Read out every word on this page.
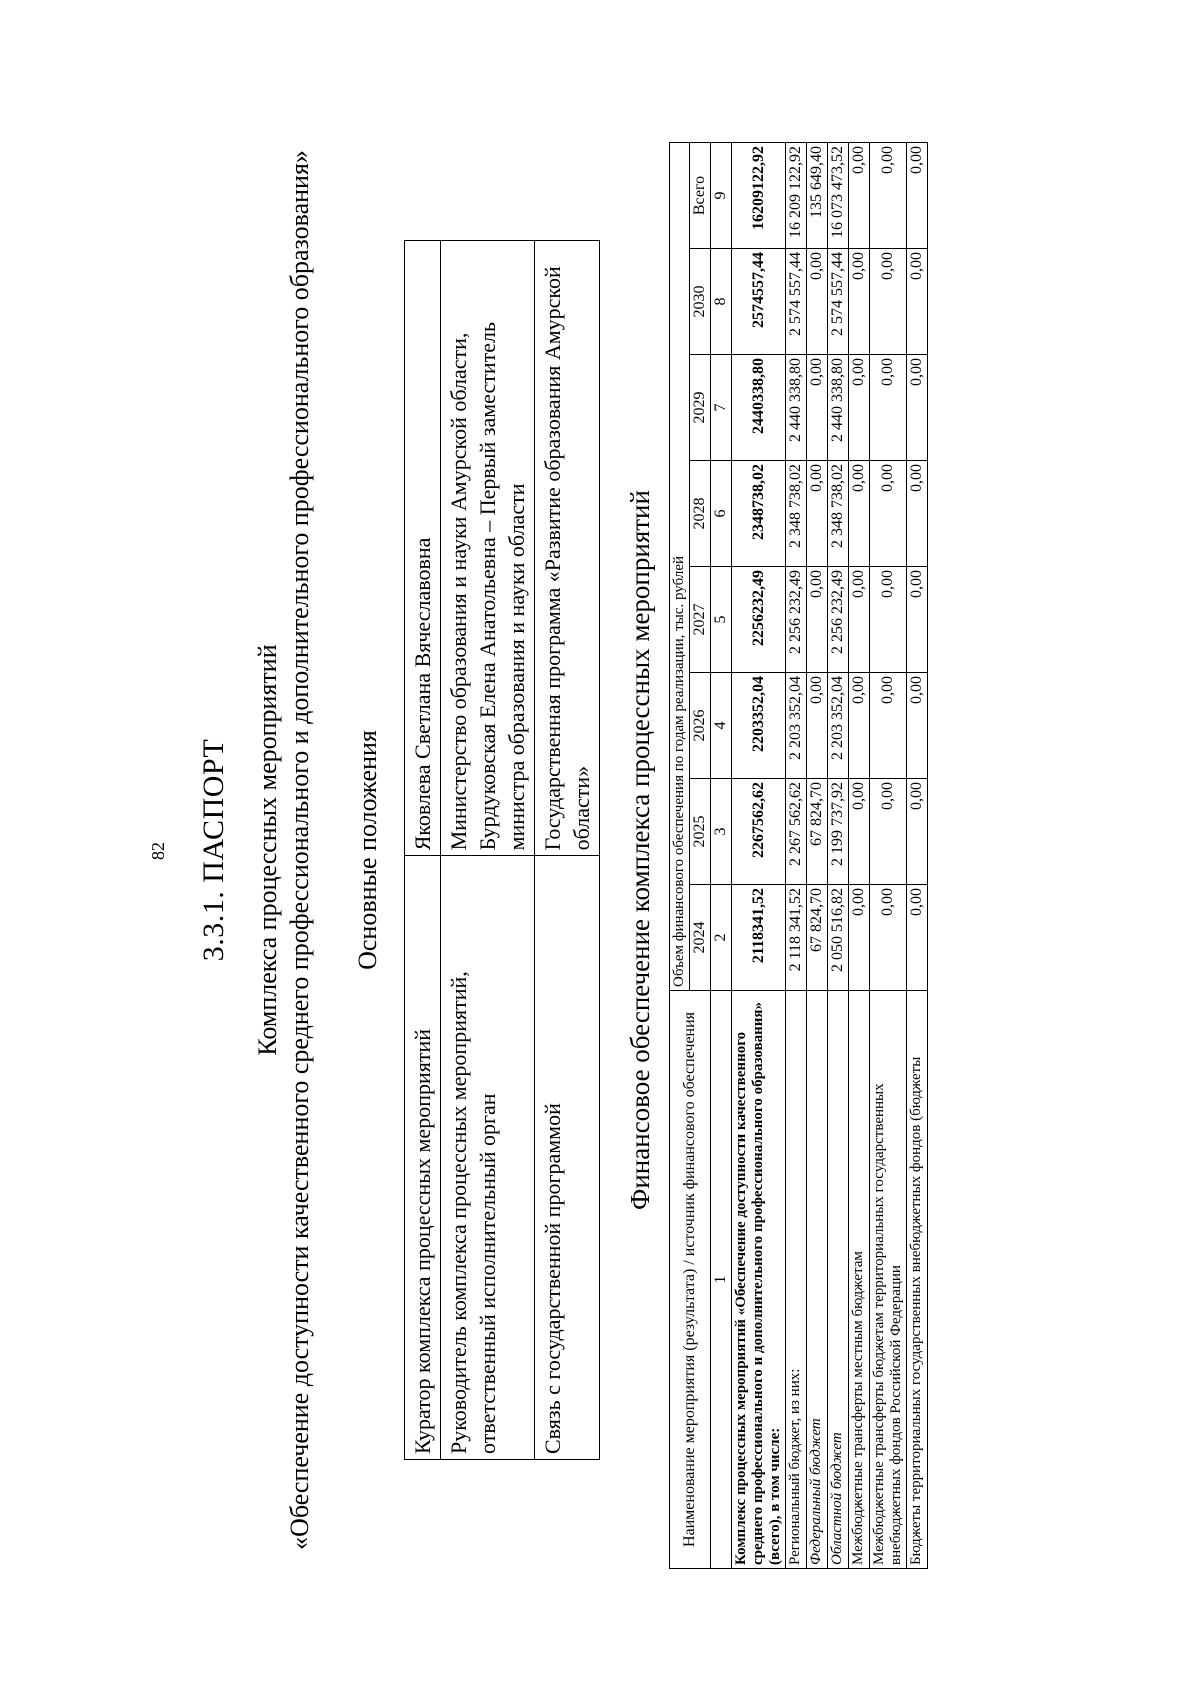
82 3.3.1. ПАСПОРТ Комплекса процессных мероприятий «Обеспечение доступности качественного среднего профессионального и дополнительного профессионального образования» Основные положения
Куратор комплекса процессных мероприятий	Яковлева Светлана Вячеславовна
Руководитель комплекса процессных мероприятий, ответственный исполнительный орган	Министерство образования и науки Амурской области, Бурдуковская Елена Анатольевна – Первый заместитель министра образования и науки области
Связь с государственной программой	Государственная программа «Развитие образования Амурской области» Финансовое обеспечение комплекса процессных мероприятий
Наименование мероприятия (результата) / источник финансового обеспечения	Объем финансового обеспечения по годам реализации, тыс. рублей							
	2024	2025	2026	2027	2028	2029	2030	Всего
1	2	3	4	5	6	7	8	9
Комплекс процессных мероприятий «Обеспечение доступности качественного среднего профессионального и дополнительного профессионального образования» (всего), в том числе:	2118341,52	2267562,62	2203352,04	2256232,49	2348738,02	2440338,80	2574557,44	16209122,92
Региональный бюджет, из них:	2 118 341,52	2 267 562,62	2 203 352,04	2 256 232,49	2 348 738,02	2 440 338,80	2 574 557,44	16 209 122,92
Федеральный бюджет	67 824,70	67 824,70	0,00	0,00	0,00	0,00	0,00	135 649,40
Областной бюджет	2 050 516,82	2 199 737,92	2 203 352,04	2 256 232,49	2 348 738,02	2 440 338,80	2 574 557,44	16 073 473,52
Межбюджетные трансферты местным бюджетам	0,00	0,00	0,00	0,00	0,00	0,00	0,00	0,00
Межбюджетные трансферты бюджетам территориальных государственных внебюджетных фондов Российской Федерации	0,00	0,00	0,00	0,00	0,00	0,00	0,00	0,00
Бюджеты территориальных государственных внебюджетных фондов (бюджеты	0,00	0,00	0,00	0,00	0,00	0,00	0,00	0,00
